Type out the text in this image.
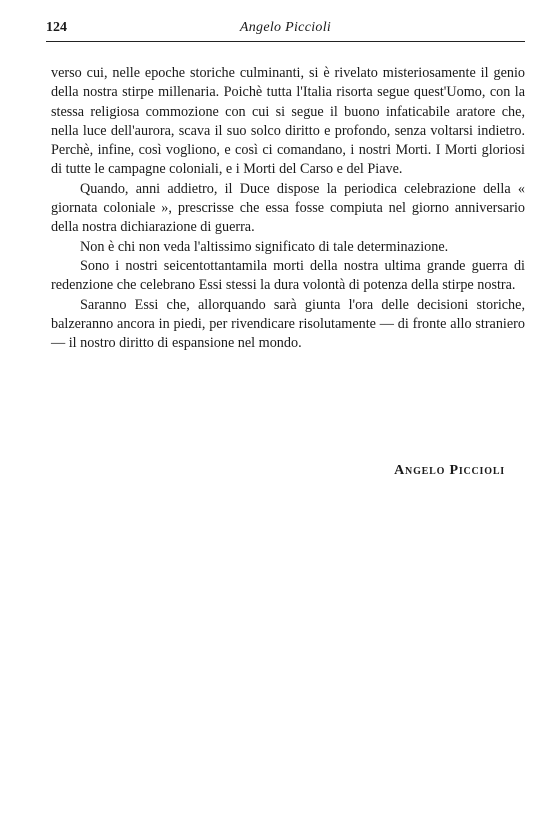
124	Angelo Piccioli

verso cui, nelle epoche storiche culminanti, si è rivelato misteriosamente il genio della nostra stirpe millenaria. Poichè tutta l'Italia risorta segue quest'Uomo, con la stessa religiosa commozione con cui si segue il buono infaticabile aratore che, nella luce dell'aurora, scava il suo solco diritto e profondo, senza voltarsi indietro. Perchè, infine, così vogliono, e così ci comandano, i nostri Morti. I Morti gloriosi di tutte le campagne coloniali, e i Morti del Carso e del Piave.

Quando, anni addietro, il Duce dispose la periodica celebrazione della « giornata coloniale », prescrisse che essa fosse compiuta nel giorno anniversario della nostra dichiarazione di guerra.

Non è chi non veda l'altissimo significato di tale determinazione.

Sono i nostri seicentottantamila morti della nostra ultima grande guerra di redenzione che celebrano Essi stessi la dura volontà di potenza della stirpe nostra.

Saranno Essi che, allorquando sarà giunta l'ora delle decisioni storiche, balzeranno ancora in piedi, per rivendicare risolutamente — di fronte allo straniero — il nostro diritto di espansione nel mondo.

Angelo Piccioli
